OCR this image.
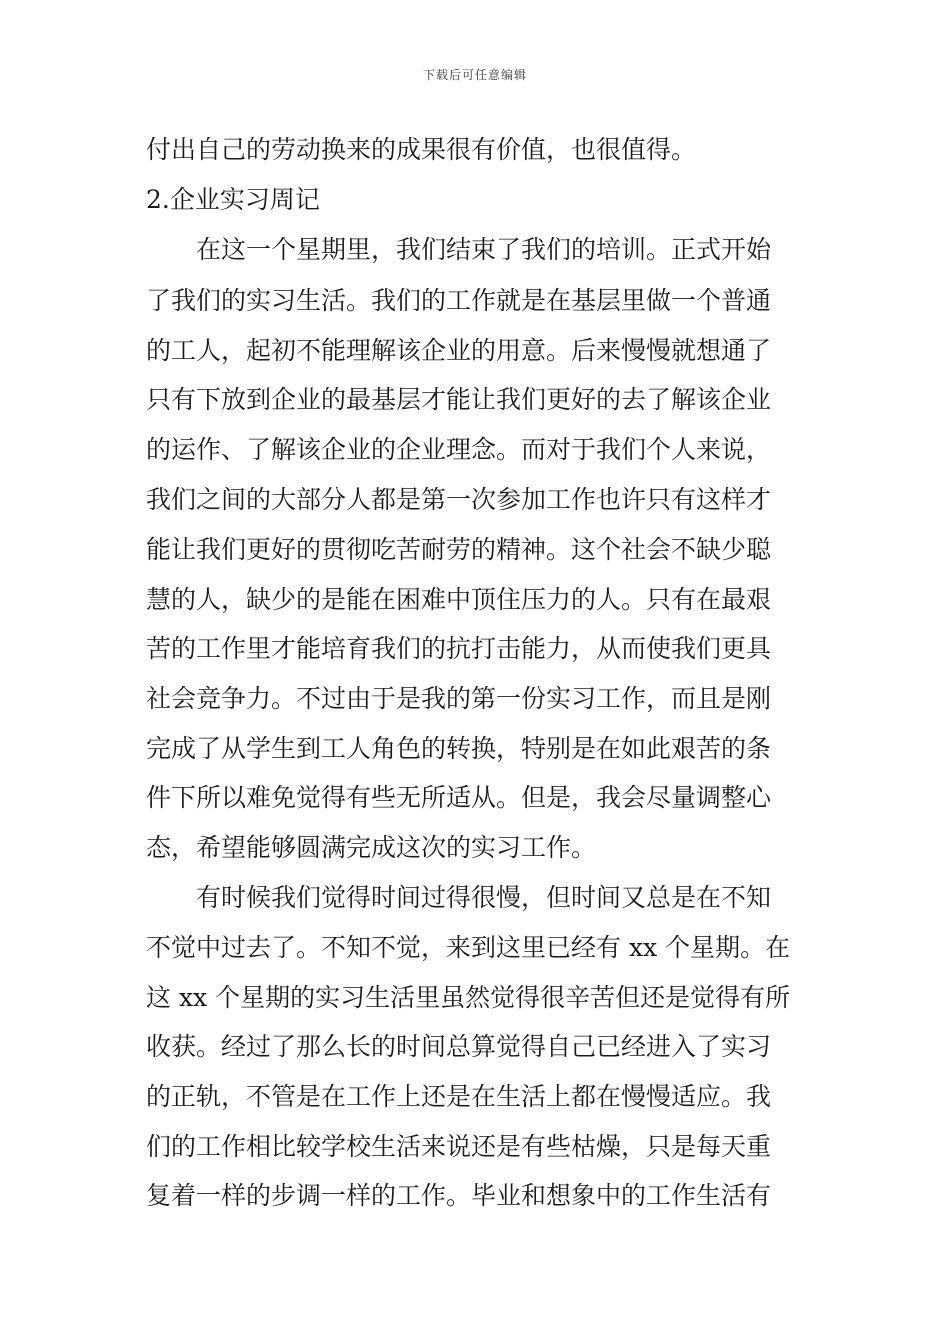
下载后可任意编辑
付出自己的劳动换来的成果很有价值，也很值得。
2.企业实习周记
　　在这一个星期里，我们结束了我们的培训。正式开始
了我们的实习生活。我们的工作就是在基层里做一个普通
的工人，起初不能理解该企业的用意。后来慢慢就想通了
只有下放到企业的最基层才能让我们更好的去了解该企业
的运作、了解该企业的企业理念。而对于我们个人来说，
我们之间的大部分人都是第一次参加工作也许只有这样才
能让我们更好的贯彻吃苦耐劳的精神。这个社会不缺少聪
慧的人，缺少的是能在困难中顶住压力的人。只有在最艰
苦的工作里才能培育我们的抗打击能力，从而使我们更具
社会竞争力。不过由于是我的第一份实习工作，而且是刚
完成了从学生到工人角色的转换，特别是在如此艰苦的条
件下所以难免觉得有些无所适从。但是，我会尽量调整心
态，希望能够圆满完成这次的实习工作。
　　有时候我们觉得时间过得很慢，但时间又总是在不知
不觉中过去了。不知不觉，来到这里已经有 xx 个星期。在
这 xx 个星期的实习生活里虽然觉得很辛苦但还是觉得有所
收获。经过了那么长的时间总算觉得自己已经进入了实习
的正轨，不管是在工作上还是在生活上都在慢慢适应。我
们的工作相比较学校生活来说还是有些枯燥，只是每天重
复着一样的步调一样的工作。毕业和想象中的工作生活有
